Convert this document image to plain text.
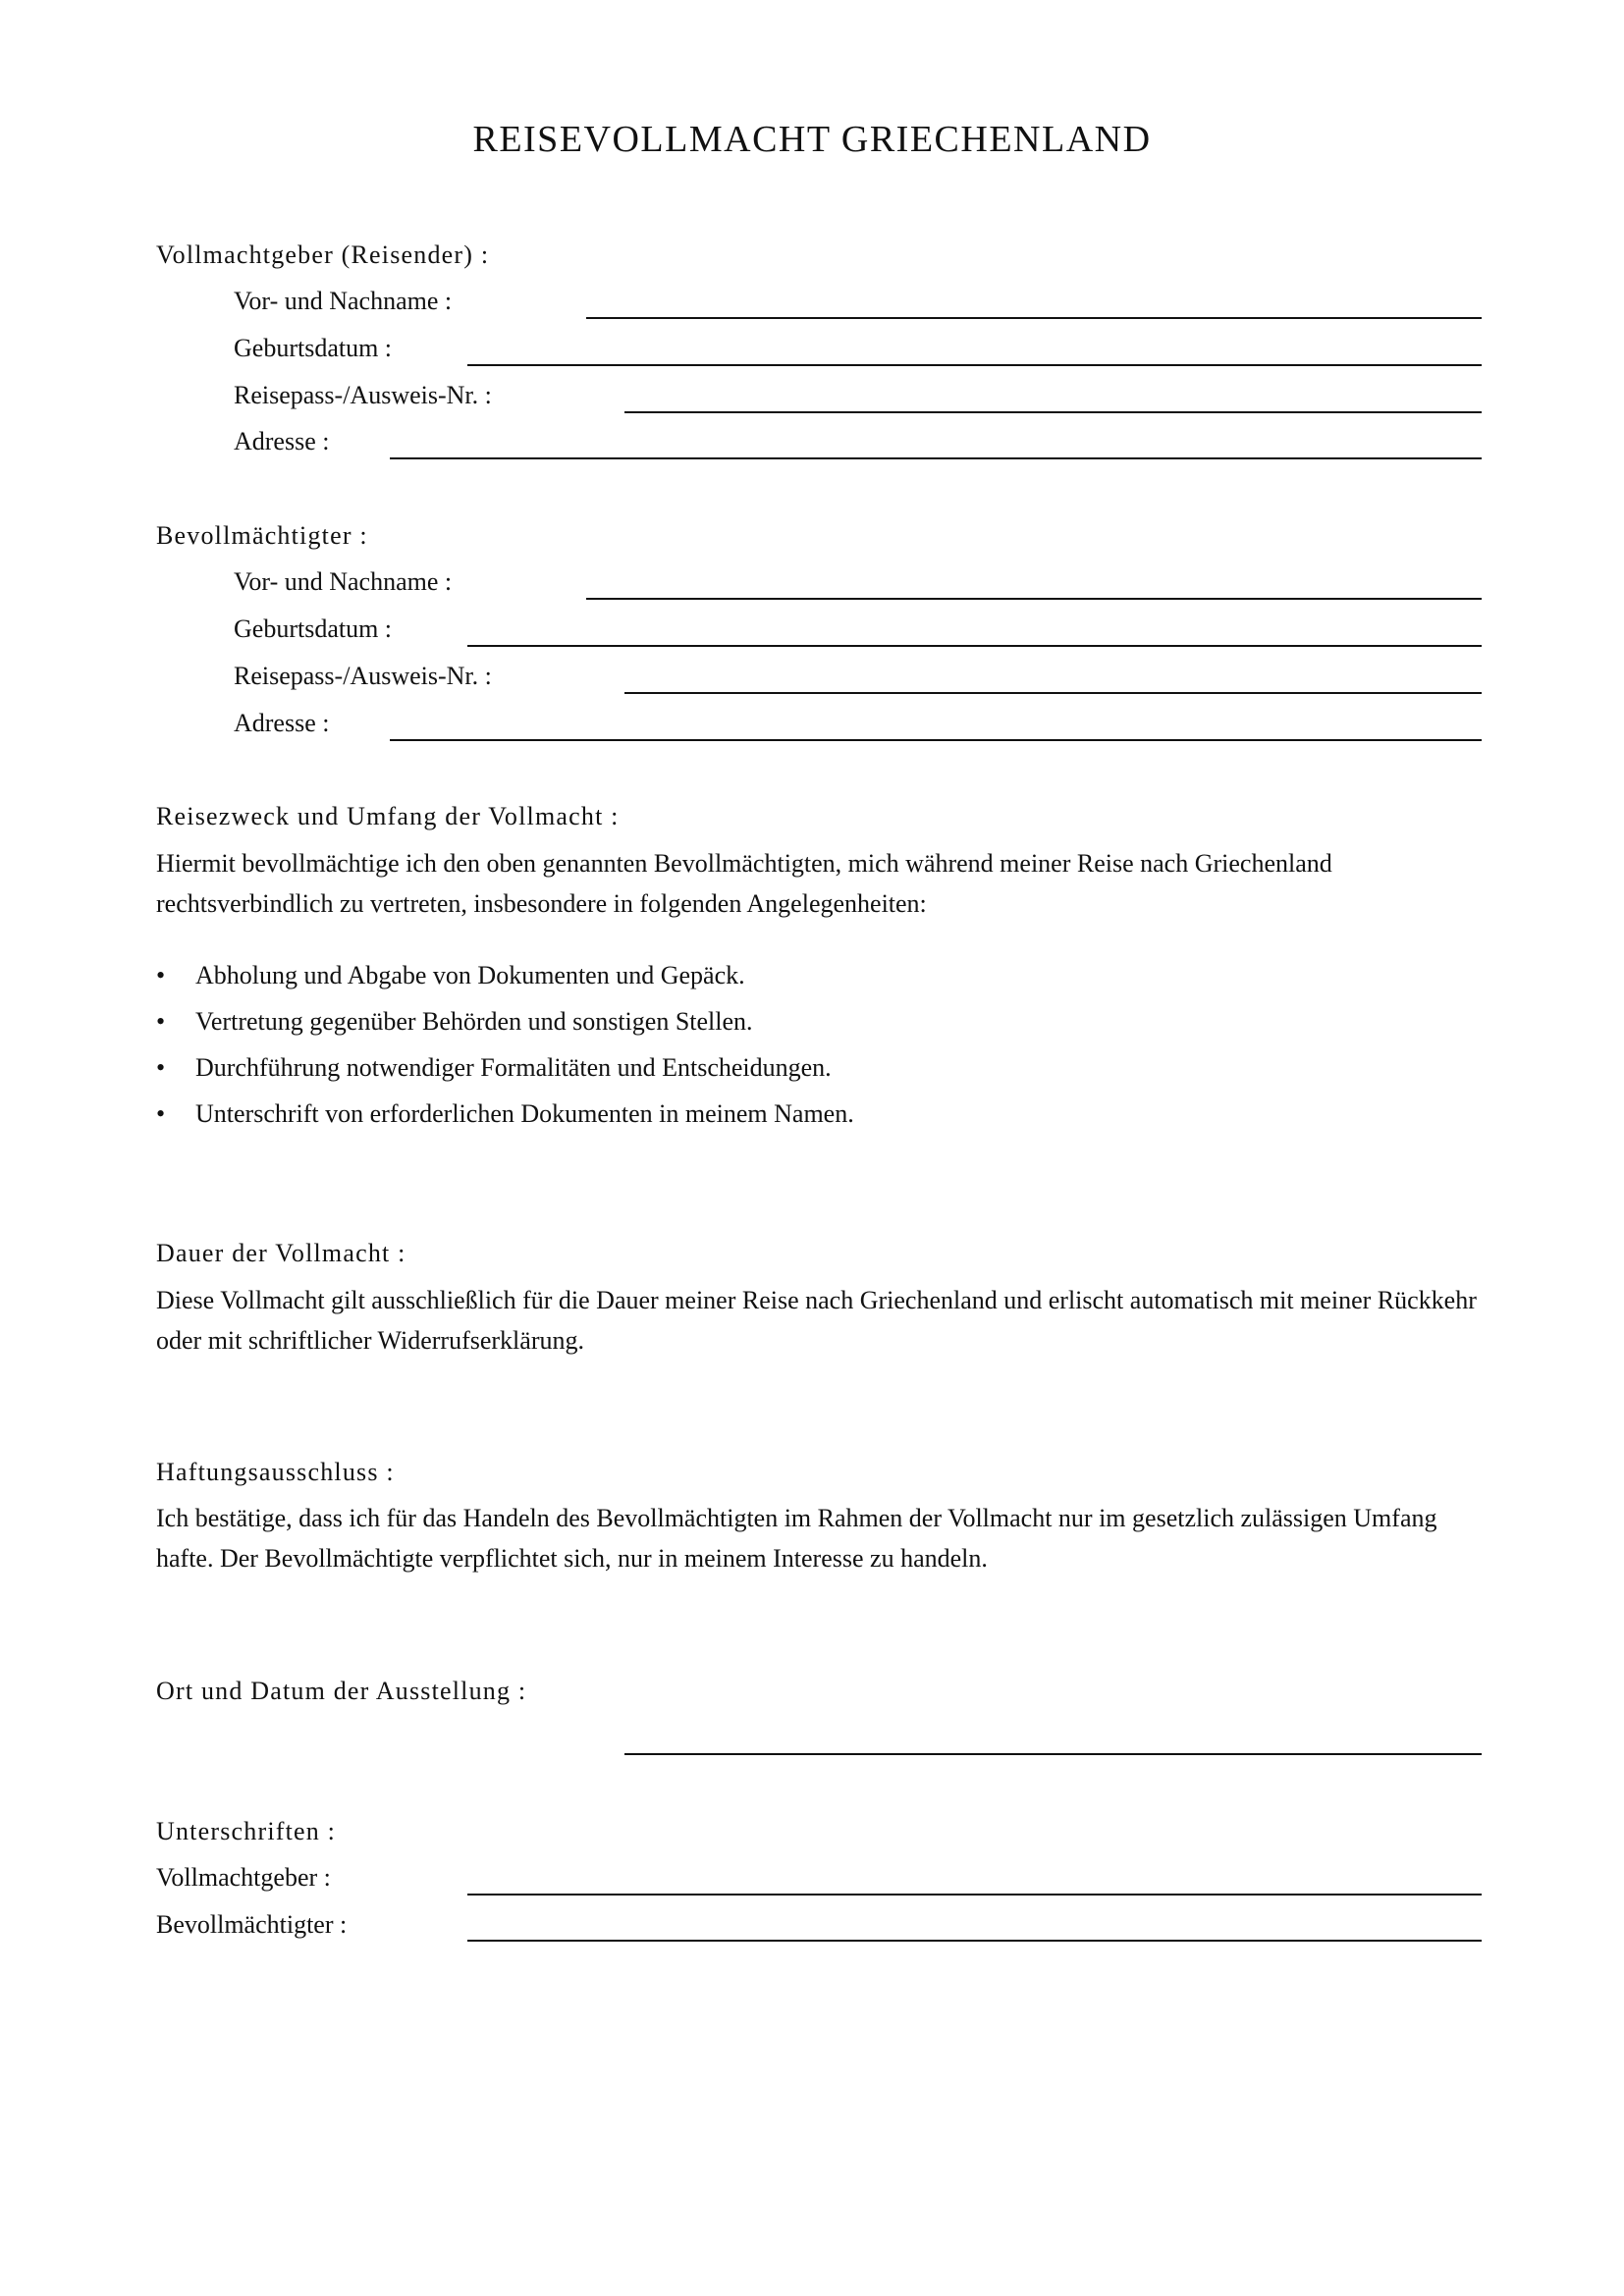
REISEVOLLMACHT GRIECHENLAND
Vollmachtgeber (Reisender) :
Vor- und Nachname :
Geburtsdatum :
Reisepass-/Ausweis-Nr. :
Adresse :
Bevollmächtigter :
Vor- und Nachname :
Geburtsdatum :
Reisepass-/Ausweis-Nr. :
Adresse :
Reisezweck und Umfang der Vollmacht :
Hiermit bevollmächtige ich den oben genannten Bevollmächtigten, mich während meiner Reise nach Griechenland rechtsverbindlich zu vertreten, insbesondere in folgenden Angelegenheiten:
• Abholung und Abgabe von Dokumenten und Gepäck.
• Vertretung gegenüber Behörden und sonstigen Stellen.
• Durchführung notwendiger Formalitäten und Entscheidungen.
• Unterschrift von erforderlichen Dokumenten in meinem Namen.
Dauer der Vollmacht :
Diese Vollmacht gilt ausschließlich für die Dauer meiner Reise nach Griechenland und erlischt automatisch mit meiner Rückkehr oder mit schriftlicher Widerrufserklärung.
Haftungsausschluss :
Ich bestätige, dass ich für das Handeln des Bevollmächtigten im Rahmen der Vollmacht nur im gesetzlich zulässigen Umfang hafte. Der Bevollmächtigte verpflichtet sich, nur in meinem Interesse zu handeln.
Ort und Datum der Ausstellung :
Unterschriften :
Vollmachtgeber :
Bevollmächtigter :
